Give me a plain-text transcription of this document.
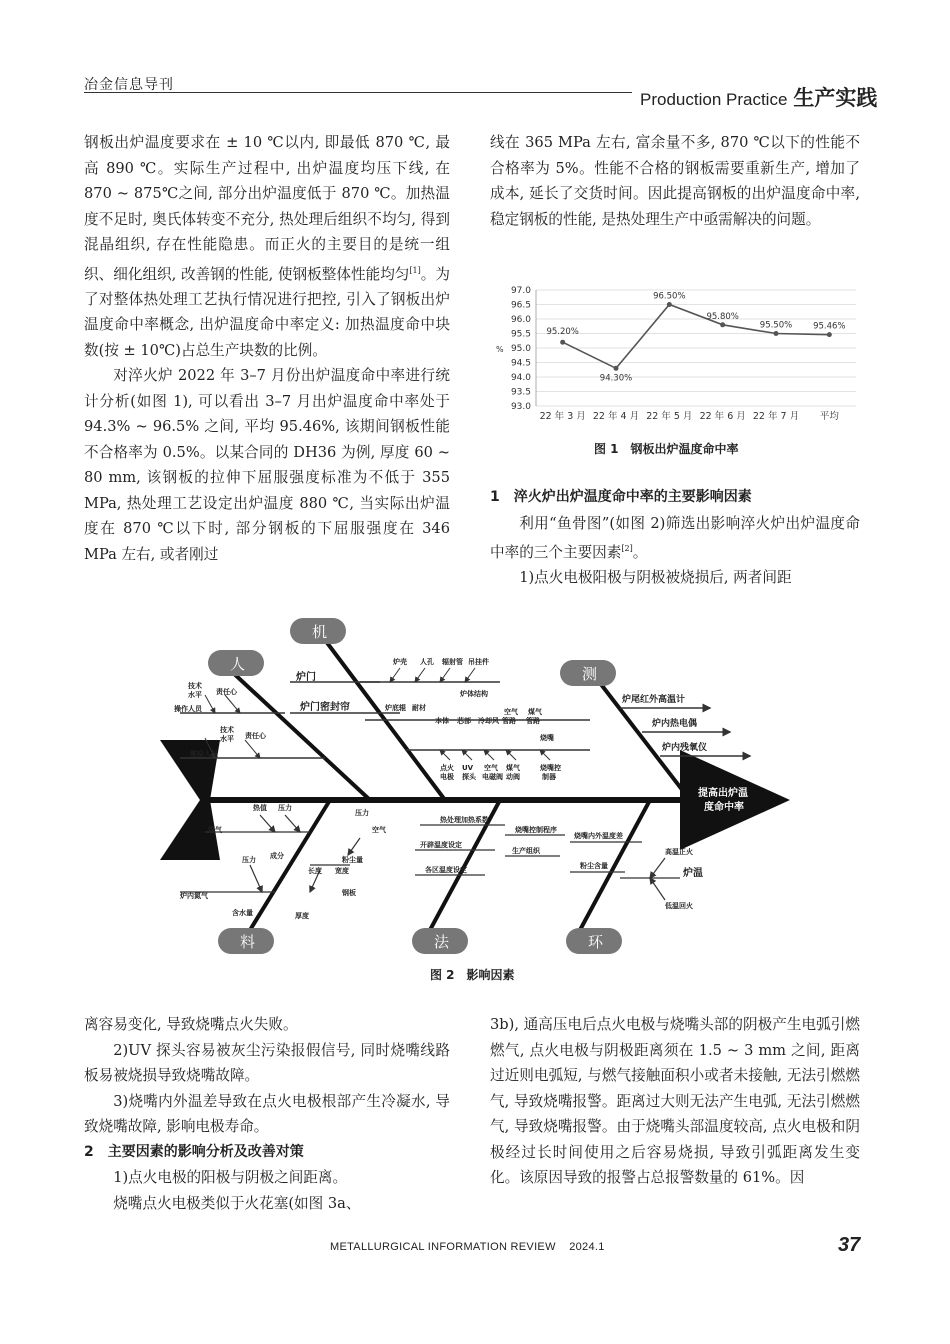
冶金信息导刊
Production Practice 生产实践

钢板出炉温度要求在 ± 10 ℃以内, 即最低 870 ℃, 最高 890 ℃。实际生产过程中, 出炉温度均压下线, 在 870 ~ 875℃之间, 部分出炉温度低于 870 ℃。加热温度不足时, 奥氏体转变不充分, 热处理后组织不均匀, 得到混晶组织, 存在性能隐患。而正火的主要目的是统一组织、细化组织, 改善钢的性能, 使钢板整体性能均匀[1]。为了对整体热处理工艺执行情况进行把控, 引入了钢板出炉温度命中率概念, 出炉温度命中率定义: 加热温度命中块数(按 ± 10℃)占总生产块数的比例。

对淬火炉 2022 年 3–7 月份出炉温度命中率进行统计分析(如图 1), 可以看出 3–7 月出炉温度命中率处于 94.3% ~ 96.5% 之间, 平均 95.46%, 该期间钢板性能不合格率为 0.5%。以某合同的 DH36 为例, 厚度 60 ~ 80 mm, 该钢板的拉伸下屈服强度标准为不低于 355 MPa, 热处理工艺设定出炉温度 880 ℃, 当实际出炉温度在 870 ℃以下时, 部分钢板的下屈服强度在 346 MPa 左右, 或者刚过

线在 365 MPa 左右, 富余量不多, 870 ℃以下的性能不合格率为 5%。性能不合格的钢板需要重新生产, 增加了成本, 延长了交货时间。因此提高钢板的出炉温度命中率, 稳定钢板的性能, 是热处理生产中亟需解决的问题。

93.0
93.5
94.0
94.5
95.0
95.5
96.0
96.5
97.0
%
95.20%
94.30%
96.50%
95.80%
95.50% 95.46%
22 年 3 月 22 年 4 月 22 年 5 月 22 年 6 月 22 年 7 月 平均
图 1　钢板出炉温度命中率

1　淬火炉出炉温度命中率的主要影响因素

利用“鱼骨图”(如图 2)筛选出影响淬火炉出炉温度命中率的三个主要因素[2]。

1)点火电极阳极与阴极被烧损后, 两者间距

提高出炉温
度命中率
人
机
测
料	法	环
技术
水平 责任心
操作人员
技术
水平 责任心
维检人员
炉门
炉门密封帘
炉壳 人孔 辐射管 吊挂件
炉体结构
炉底辊 耐材
本体 芯部 冷却风
空气
管路
煤气
管路
烧嘴
点火
电极
UV
探头
空气
电磁阀
煤气
动阀
烧嘴控
制器
炉尾红外高温计
炉内热电偶
炉内残氧仪
热值 压力
煤气
成分
压力
炉内氮气
含水量
压力
空气
粉尘量
长度 宽度
钢板
厚度
热处理加热系数
烧嘴控制程序
开辟温度设定
生产组织
各区温度设定
烧嘴内外温度差
粉尘含量
高温正火
炉温
低温回火
图 2　影响因素

离容易变化, 导致烧嘴点火失败。

2)UV 探头容易被灰尘污染报假信号, 同时烧嘴线路板易被烧损导致烧嘴故障。

3)烧嘴内外温差导致在点火电极根部产生冷凝水, 导致烧嘴故障, 影响电极寿命。

2　主要因素的影响分析及改善对策

1)点火电极的阳极与阴极之间距离。

烧嘴点火电极类似于火花塞(如图 3a、

3b), 通高压电后点火电极与烧嘴头部的阴极产生电弧引燃燃气, 点火电极与阴极距离须在 1.5 ~ 3 mm 之间, 距离过近则电弧短, 与燃气接触面积小或者未接触, 无法引燃燃气, 导致烧嘴报警。距离过大则无法产生电弧, 无法引燃燃气, 导致烧嘴报警。由于烧嘴头部温度较高, 点火电极和阴极经过长时间使用之后容易烧损, 导致引弧距离发生变化。该原因导致的报警占总报警数量的 61%。因

METALLURGICAL INFORMATION REVIEW 2024.1	37
